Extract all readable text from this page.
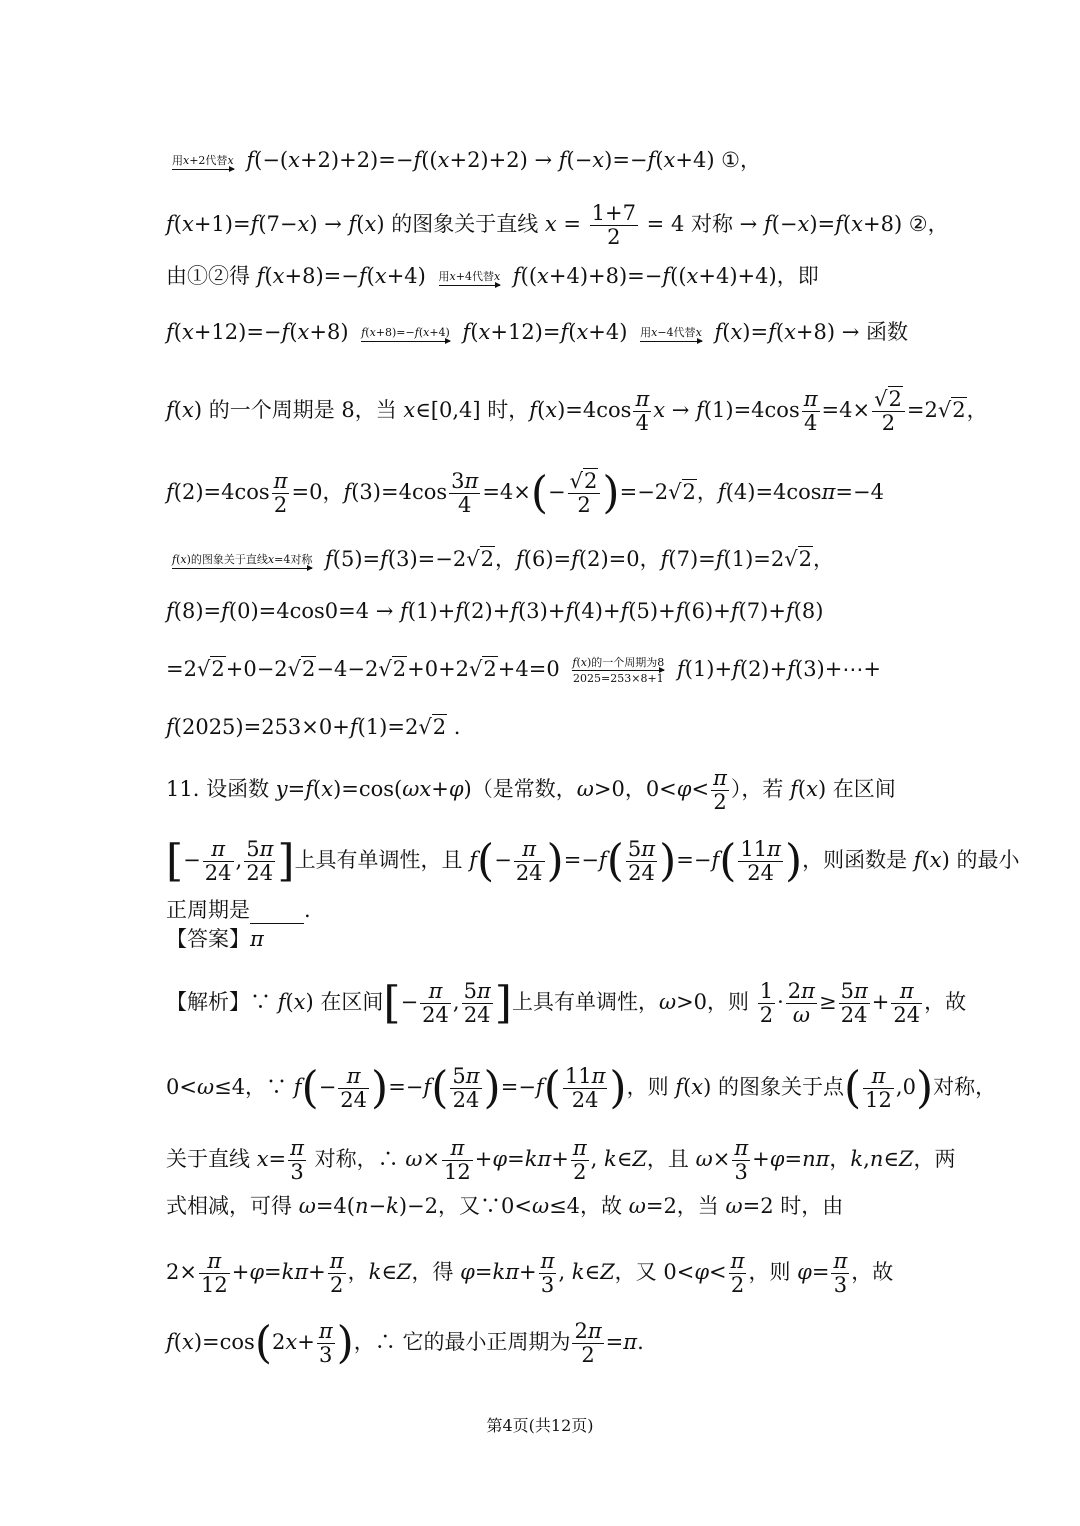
用x+2代替x f(−(x+2)+2)=−f((x+2)+2) → f(−x)=−f(x+4) ①，
f(x+1)=f(7−x) → f(x) 的图象关于直线 $x = \frac{1+7}{2} = 4$ 对称 → f(−x)=f(x+8) ②，
由①②得 f(x+8)=−f(x+4) 用x+4代替x f((x+4)+8)=−f((x+4)+4)，即
f(x+12)=−f(x+8) f(x+8)=−f(x+4) f(x+12)=f(x+4) 用x−4代替x f(x)=f(x+8) → 函数
f(x) 的一个周期是 8，当 x∈[0,4] 时，$f(x)=4\cos \frac{\pi}{4}$ $x \to f(1)=4\cos \frac{\pi}{4} =4\times \frac{√2}{2} =2√2$，
$f(2)=4\cos \frac{\pi}{2} =0$，$f(3)=4\cos \frac{3\pi}{4} =4\times(- \frac{√2}{2} )=-2√2$，f(4)=4cosπ=−4
f(x)的图象关于直线x=4对称 f(5)=f(3)=−2√2，f(6)=f(2)=0，f(7)=f(1)=2√2，
f(8)=f(0)=4cos0=4 → f(1)+f(2)+f(3)+f(4)+f(5)+f(6)+f(7)+f(8)
=2√2+0−2√2−4−2√2+0+2√2+4=0 f(x)的一个周期为8
2025=253×8+1 f(1)+f(2)+f(3)+⋯+
f(2025)=253×0+f(1)=2√2 .
11. 设函数 y=f(x)=cos(ωx+φ)（是常数，ω>0，$0<\varphi< \frac{\pi}{2}$ ），若 f(x) 在区间
[− $\frac{\pi}{24}$ , $\frac{5\pi}{24}$ ]上具有单调性，且 $f(- \frac{\pi}{24} )=-f( \frac{5\pi}{24} )=-f( \frac{11\pi}{24}$ )，则函数是 f(x) 的最小
正周期是	.
【答案】π
【解析】∵ f(x) 在区间[− $\frac{\pi}{24}$ , $\frac{5\pi}{24}$ ]上具有单调性，ω>0，则 $\frac{1}{2} \cdot \frac{2\pi}{\omega} \ge \frac{5\pi}{24} + \frac{\pi}{24}$ ，故
0<ω≤4，∵ $f(- \frac{\pi}{24} )=-f( \frac{5\pi}{24} )=-f( \frac{11\pi}{24}$ )，则 f(x) 的图象关于点( $\frac{\pi}{12} ,0$)对称，
关于直线 $x= \frac{\pi}{3}$ 对称，∴ $\omega\times \frac{\pi}{12} +\varphi=k\pi+ \frac{\pi}{2}$ , k∈Z，且 $\omega\times \frac{\pi}{3} +\varphi=n\pi$，k,n∈Z，两
式相减，可得 ω=4(n−k)−2，又∵0<ω≤4，故 ω=2，当 ω=2 时，由
$2\times \frac{\pi}{12} +\varphi=k\pi+ \frac{\pi}{2}$ ，k∈Z，得 $\varphi=k\pi+ \frac{\pi}{3}$ , k∈Z，又 $0<\varphi< \frac{\pi}{2}$ ，则 $\varphi= \frac{\pi}{3}$ ，故
$f(x)=\cos(2x+ \frac{\pi}{3}$ )，∴ 它的最小正周期为 $\frac{2\pi}{2} =\pi$.
第4页(共12页)
